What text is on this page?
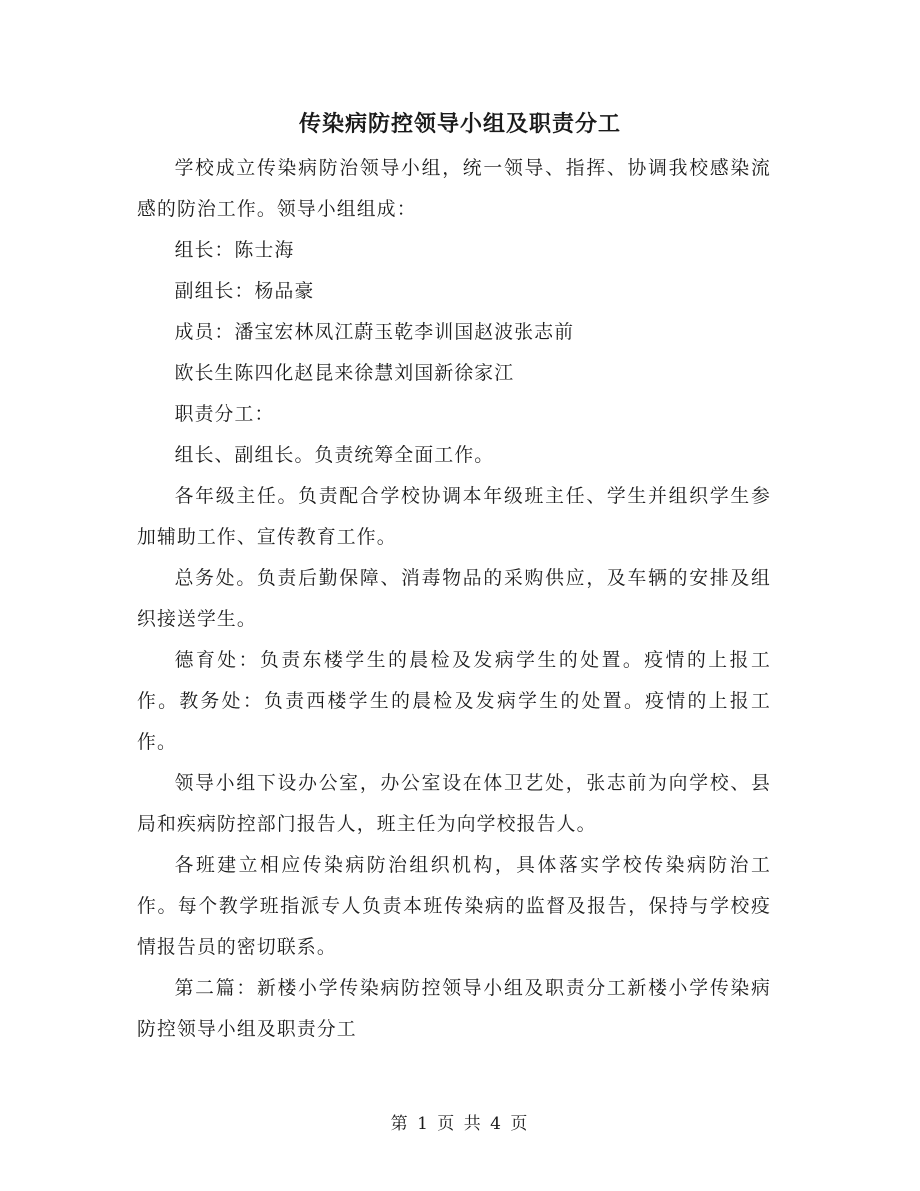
传染病防控领导小组及职责分工

学校成立传染病防治领导小组，统一领导、指挥、协调我校感染流感的防治工作。领导小组组成：

组长：陈士海

副组长：杨品豪

成员：潘宝宏林凤江蔚玉乾李训国赵波张志前

欧长生陈四化赵昆来徐慧刘国新徐家江

职责分工：

组长、副组长。负责统筹全面工作。

各年级主任。负责配合学校协调本年级班主任、学生并组织学生参加辅助工作、宣传教育工作。

总务处。负责后勤保障、消毒物品的采购供应，及车辆的安排及组织接送学生。

德育处：负责东楼学生的晨检及发病学生的处置。疫情的上报工作。教务处：负责西楼学生的晨检及发病学生的处置。疫情的上报工作。

领导小组下设办公室，办公室设在体卫艺处，张志前为向学校、县局和疾病防控部门报告人，班主任为向学校报告人。

各班建立相应传染病防治组织机构，具体落实学校传染病防治工作。每个教学班指派专人负责本班传染病的监督及报告，保持与学校疫情报告员的密切联系。

第二篇：新楼小学传染病防控领导小组及职责分工新楼小学传染病防控领导小组及职责分工

第 1 页 共 4 页
